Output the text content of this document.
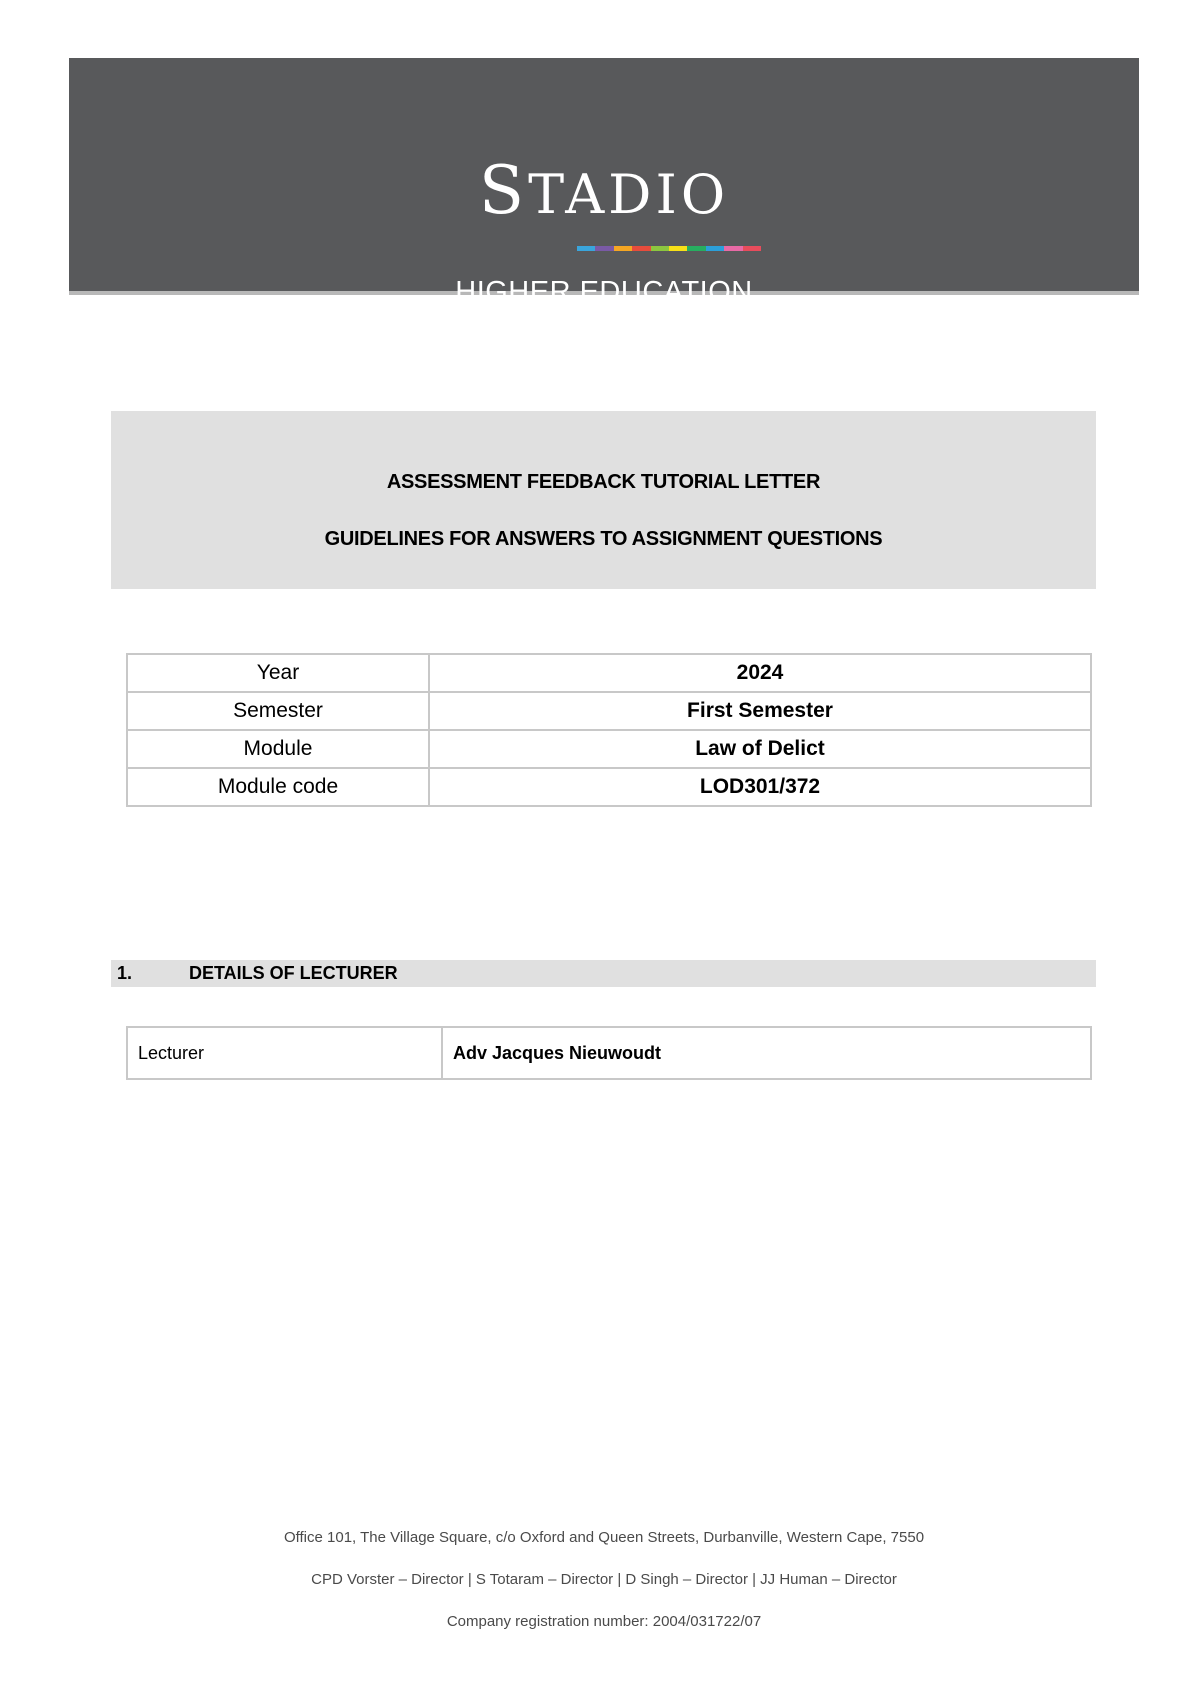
STADIO
HIGHER EDUCATION
ASSESSMENT FEEDBACK TUTORIAL LETTER
GUIDELINES FOR ANSWERS TO ASSIGNMENT QUESTIONS
Year	2024
Semester	First Semester
Module	Law of Delict
Module code	LOD301/372
1.	DETAILS OF LECTURER
Lecturer	Adv Jacques Nieuwoudt
Office 101, The Village Square, c/o Oxford and Queen Streets, Durbanville, Western Cape, 7550
CPD Vorster – Director | S Totaram – Director | D Singh – Director | JJ Human – Director
Company registration number: 2004/031722/07
